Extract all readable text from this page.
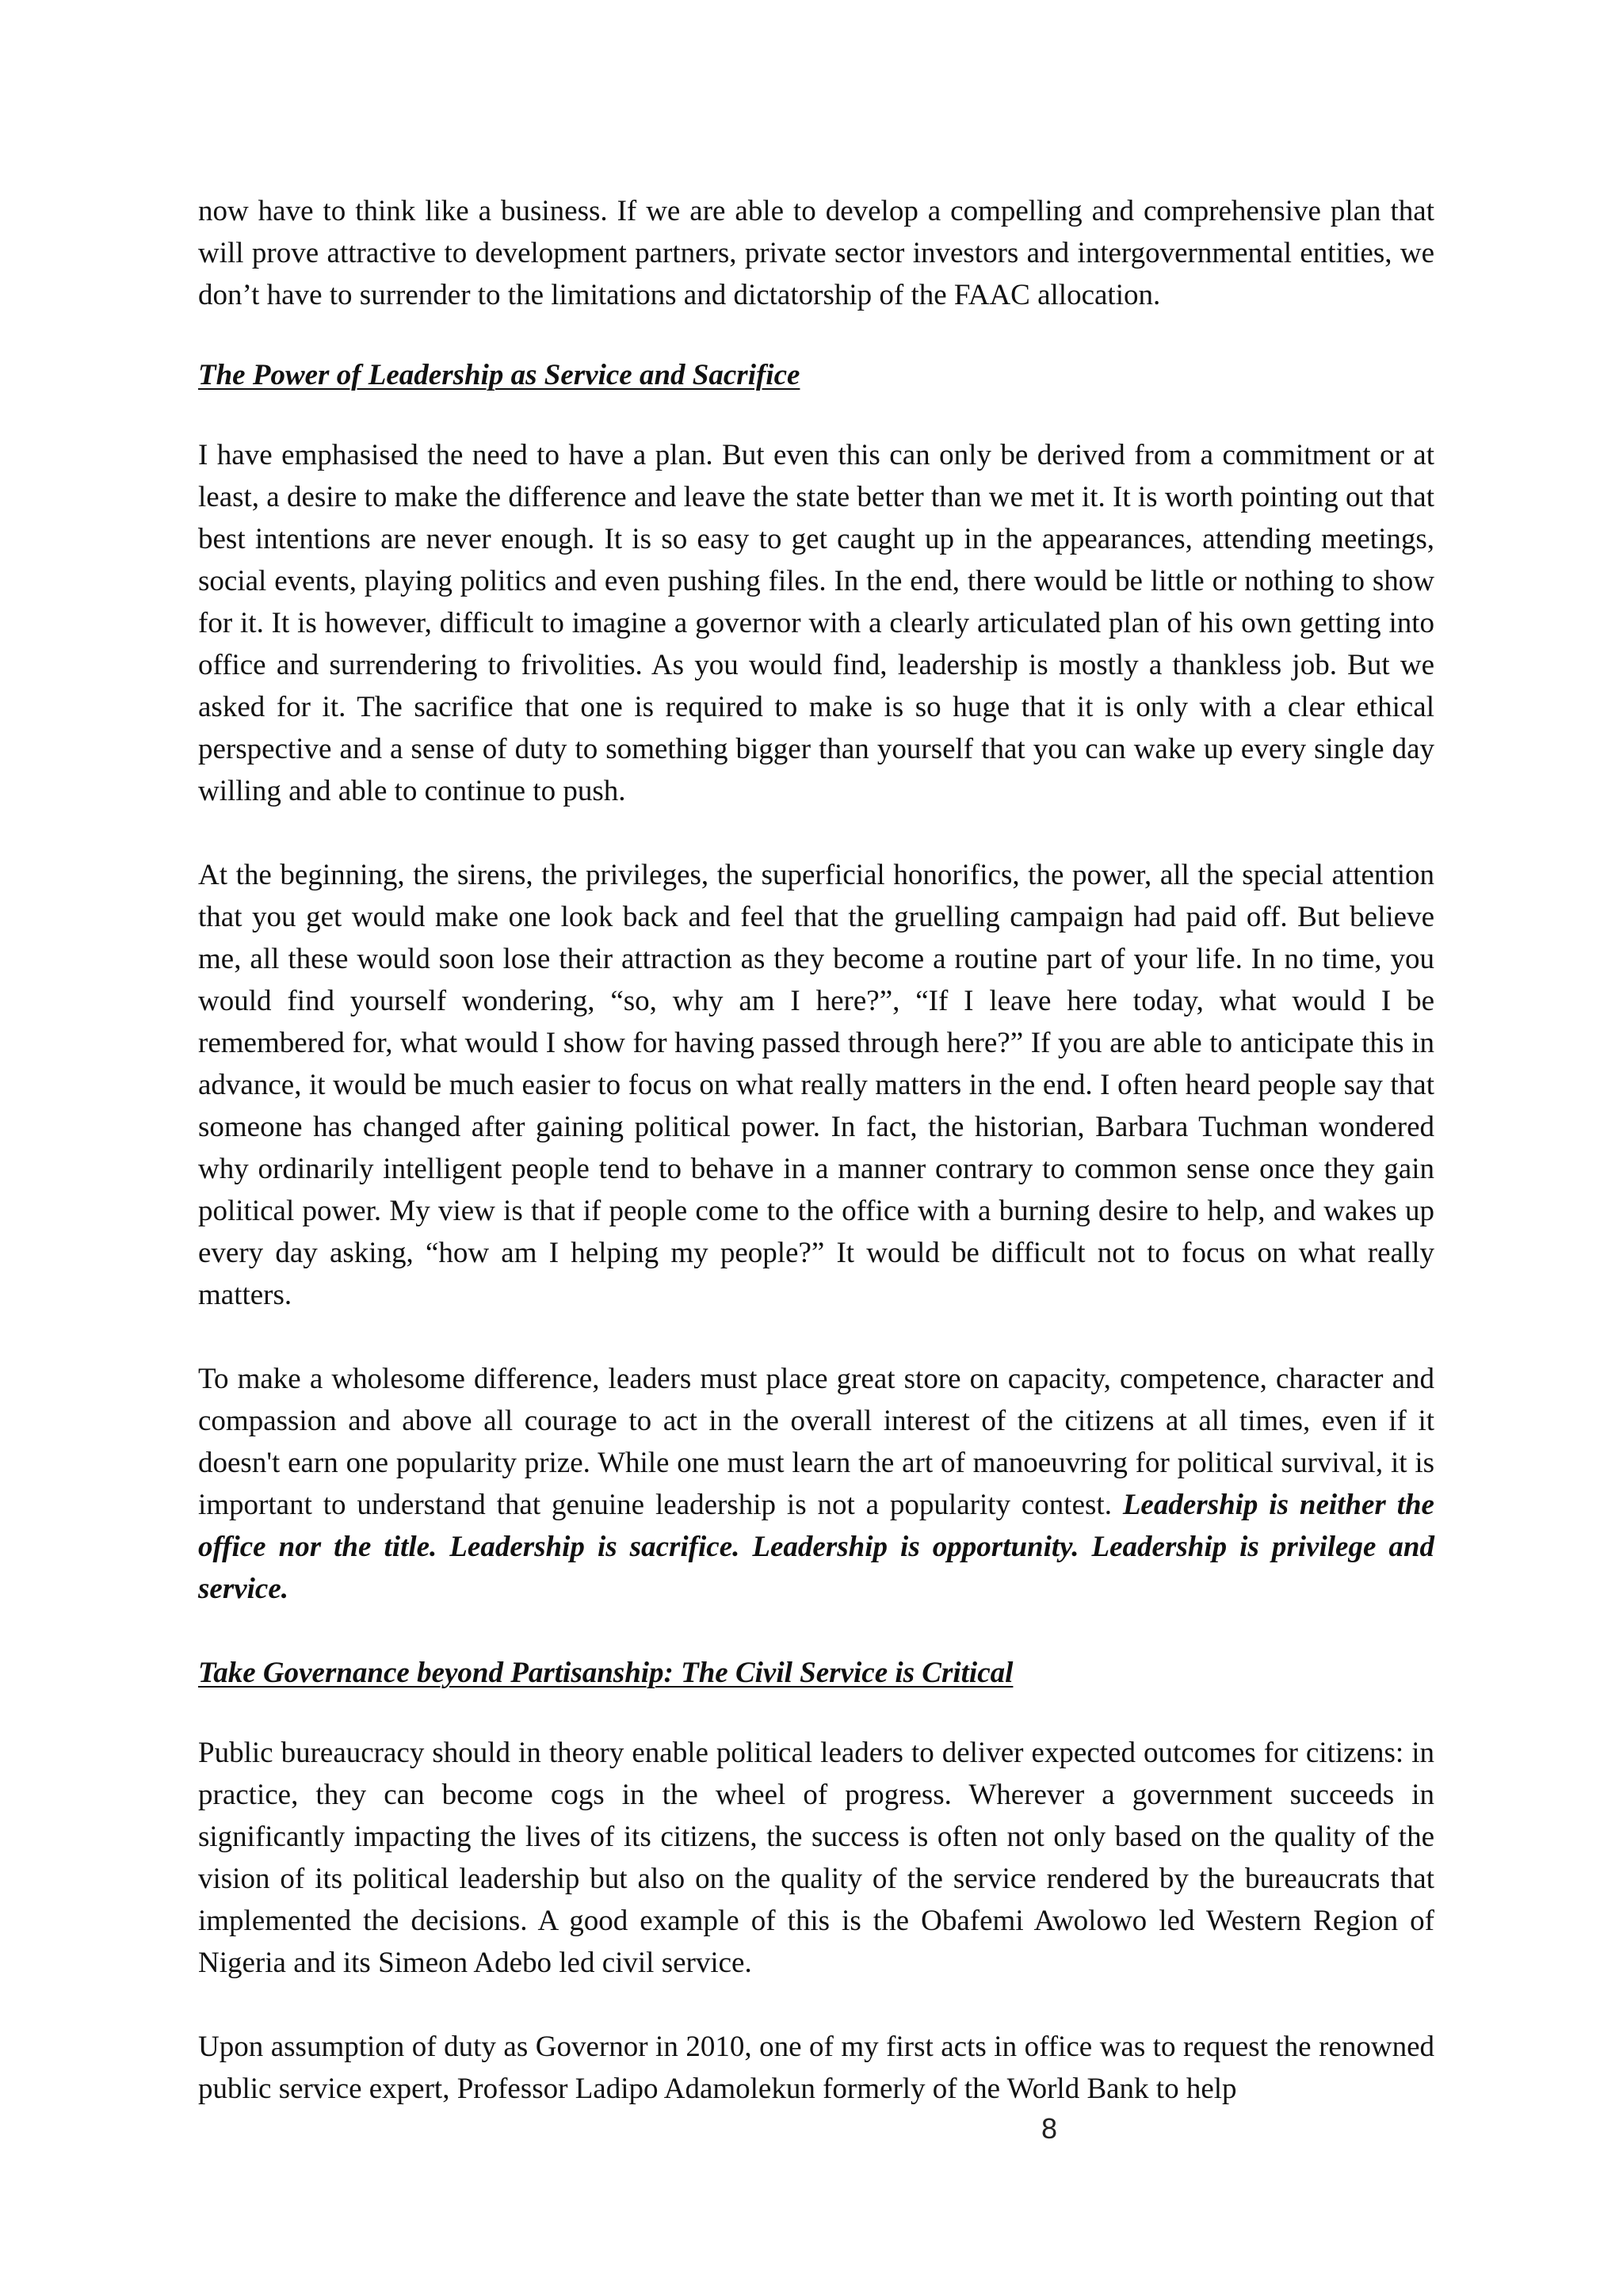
now have to think like a business. If we are able to develop a compelling and comprehensive plan that will prove attractive to development partners, private sector investors and intergovernmental entities, we don’t have to surrender to the limitations and dictatorship of the FAAC allocation.

The Power of Leadership as Service and Sacrifice

I have emphasised the need to have a plan. But even this can only be derived from a commitment or at least, a desire to make the difference and leave the state better than we met it. It is worth pointing out that best intentions are never enough. It is so easy to get caught up in the appearances, attending meetings, social events, playing politics and even pushing files. In the end, there would be little or nothing to show for it. It is however, difficult to imagine a governor with a clearly articulated plan of his own getting into office and surrendering to frivolities. As you would find, leadership is mostly a thankless job. But we asked for it. The sacrifice that one is required to make is so huge that it is only with a clear ethical perspective and a sense of duty to something bigger than yourself that you can wake up every single day willing and able to continue to push.

At the beginning, the sirens, the privileges, the superficial honorifics, the power, all the special attention that you get would make one look back and feel that the gruelling campaign had paid off. But believe me, all these would soon lose their attraction as they become a routine part of your life. In no time, you would find yourself wondering, “so, why am I here?”, “If I leave here today, what would I be remembered for, what would I show for having passed through here?” If you are able to anticipate this in advance, it would be much easier to focus on what really matters in the end. I often heard people say that someone has changed after gaining political power. In fact, the historian, Barbara Tuchman wondered why ordinarily intelligent people tend to behave in a manner contrary to common sense once they gain political power. My view is that if people come to the office with a burning desire to help, and wakes up every day asking, “how am I helping my people?” It would be difficult not to focus on what really matters.

To make a wholesome difference, leaders must place great store on capacity, competence, character and compassion and above all courage to act in the overall interest of the citizens at all times, even if it doesn't earn one popularity prize. While one must learn the art of manoeuvring for political survival, it is important to understand that genuine leadership is not a popularity contest. Leadership is neither the office nor the title. Leadership is sacrifice. Leadership is opportunity. Leadership is privilege and service.

Take Governance beyond Partisanship: The Civil Service is Critical

Public bureaucracy should in theory enable political leaders to deliver expected outcomes for citizens: in practice, they can become cogs in the wheel of progress. Wherever a government succeeds in significantly impacting the lives of its citizens, the success is often not only based on the quality of the vision of its political leadership but also on the quality of the service rendered by the bureaucrats that implemented the decisions. A good example of this is the Obafemi Awolowo led Western Region of Nigeria and its Simeon Adebo led civil service.

Upon assumption of duty as Governor in 2010, one of my first acts in office was to request the renowned public service expert, Professor Ladipo Adamolekun formerly of the World Bank to help

8
